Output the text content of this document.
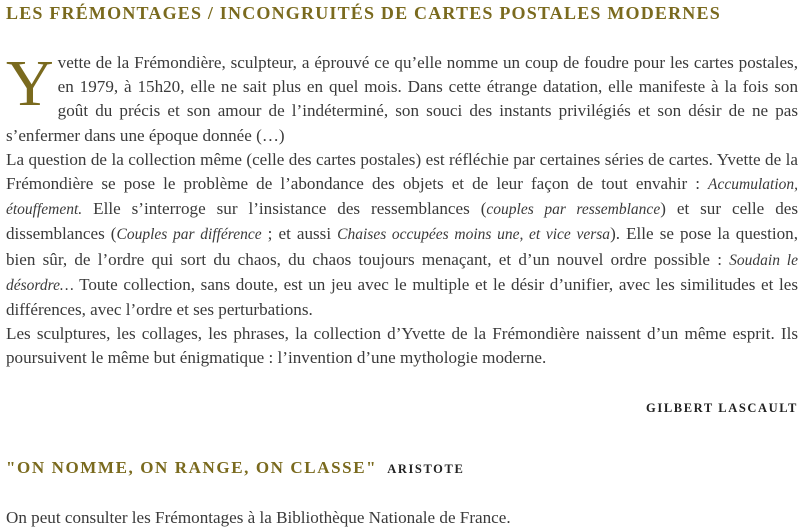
LES FRÉMONTAGES / INCONGRUITÉS DE CARTES POSTALES MODERNES

Yvette de la Frémondière, sculpteur, a éprouvé ce qu’elle nomme un coup de foudre pour les cartes postales, en 1979, à 15h20, elle ne sait plus en quel mois. Dans cette étrange datation, elle manifeste à la fois son goût du précis et son amour de l’indéterminé, son souci des instants privilégiés et son désir de ne pas s’enfermer dans une époque donnée (…)

La question de la collection même (celle des cartes postales) est réfléchie par certaines séries de cartes. Yvette de la Frémondière se pose le problème de l’abondance des objets et de leur façon de tout envahir : Accumulation, étouffement. Elle s’interroge sur l’insistance des ressemblances (couples par ressemblance) et sur celle des dissemblances (Couples par différence ; et aussi Chaises occupées moins une, et vice versa). Elle se pose la question, bien sûr, de l’ordre qui sort du chaos, du chaos toujours menaçant, et d’un nouvel ordre possible : Soudain le désordre… Toute collection, sans doute, est un jeu avec le multiple et le désir d’unifier, avec les similitudes et les différences, avec l’ordre et ses perturbations.

Les sculptures, les collages, les phrases, la collection d’Yvette de la Frémondière naissent d’un même esprit. Ils poursuivent le même but énigmatique : l’invention d’une mythologie moderne.

GILBERT LASCAULT

"ON NOMME, ON RANGE, ON CLASSE" ARISTOTE

On peut consulter les Frémontages à la Bibliothèque Nationale de France.
